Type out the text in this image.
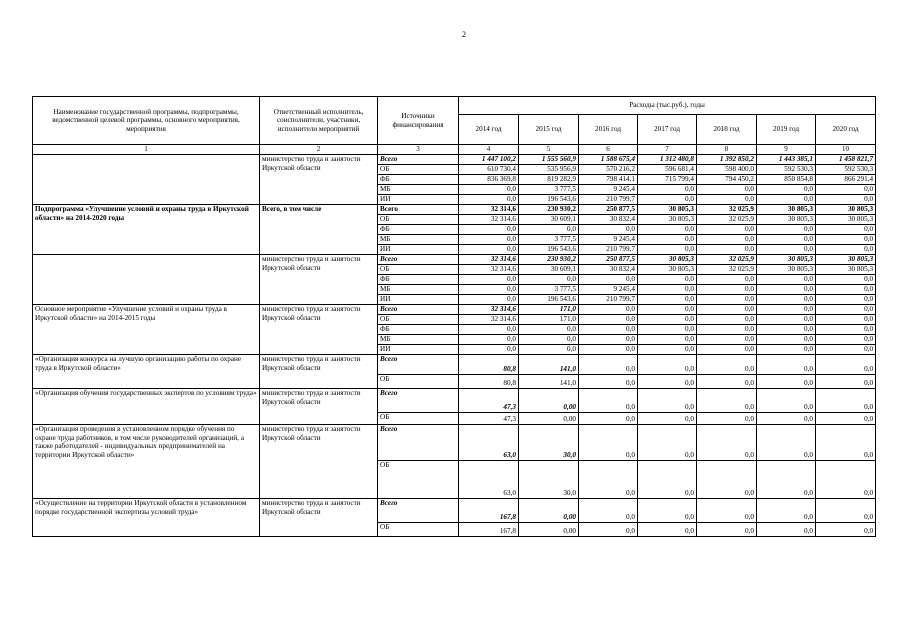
2
Наименование государственной программы, подпрограммы, ведомственной целевой программы, основного мероприятия, мероприятия	Ответственный исполнитель, соисполнители, участники, исполнители мероприятий	Источники финансирования	Расходы (тыс.руб.), годы						
			2014 год	2015 год	2016 год	2017 год	2018 год	2019 год	2020 год
1	2	3	4	5	6	7	8	9	10
	министерство труда и занятости Иркутской области	Всего	1 447 100,2	1 555 560,9	1 588 675,4	1 312 480,8	1 392 850,2	1 443 385,1	1 458 821,7
		ОБ	610 730,4	535 956,9	570 216,2	596 681,4	598 400,0	592 530,3	592 530,3
		ФБ	836 369,8	819 282,9	798 414,1	715 799,4	794 450,2	850 854,8	866 291,4
		МБ	0,0	3 777,5	9 245,4	0,0	0,0	0,0	0,0
		ИИ	0,0	196 543,6	210 799,7	0,0	0,0	0,0	0,0
Подпрограмма «Улучшение условий и охраны труда в Иркутской области» на 2014-2020 годы	Всего, в том числе	Всего	32 314,6	230 930,2	250 877,5	30 805,3	32 025,9	30 805,3	30 805,3
		ОБ	32 314,6	30 609,1	30 832,4	30 805,3	32 025,9	30 805,3	30 805,3
		ФБ	0,0	0,0	0,0	0,0	0,0	0,0	0,0
		МБ	0,0	3 777,5	9 245,4	0,0	0,0	0,0	0,0
		ИИ	0,0	196 543,6	210 799,7	0,0	0,0	0,0	0,0
	министерство труда и занятости Иркутской области	Всего	32 314,6	230 930,2	250 877,5	30 805,3	32 025,9	30 805,3	30 805,3
		ОБ	32 314,6	30 609,1	30 832,4	30 805,3	32 025,9	30 805,3	30 805,3
		ФБ	0,0	0,0	0,0	0,0	0,0	0,0	0,0
		МБ	0,0	3 777,5	9 245,4	0,0	0,0	0,0	0,0
		ИИ	0,0	196 543,6	210 799,7	0,0	0,0	0,0	0,0
Основное мероприятие «Улучшение условий и охраны труда в Иркутской области» на 2014-2015 годы	министерство труда и занятости Иркутской области	Всего	32 314,6	171,0	0,0	0,0	0,0	0,0	0,0
		ОБ	32 314,6	171,0	0,0	0,0	0,0	0,0	0,0
		ФБ	0,0	0,0	0,0	0,0	0,0	0,0	0,0
		МБ	0,0	0,0	0,0	0,0	0,0	0,0	0,0
		ИИ	0,0	0,0	0,0	0,0	0,0	0,0	0,0
«Организация конкурса на лучшую организацию работы по охране труда в Иркутской области»	министерство труда и занятости Иркутской области	Всего	80,8	141,0	0,0	0,0	0,0	0,0	0,0
		ОБ	80,8	141,0	0,0	0,0	0,0	0,0	0,0
«Организация обучения государственных экспертов по условиям труда»	министерство труда и занятости Иркутской области	Всего	47,3	0,00	0,0	0,0	0,0	0,0	0,0
		ОБ	47,3	0,00	0,0	0,0	0,0	0,0	0,0
«Организация проведения в установленном порядке обучения по охране труда работников, в том числе руководителей организаций, а также работодателей - индивидуальных предпринимателей на территории Иркутской области»	министерство труда и занятости Иркутской области	Всего	63,0	30,0	0,0	0,0	0,0	0,0	0,0
		ОБ	63,0	30,0	0,0	0,0	0,0	0,0	0,0
«Осуществление на территории Иркутской области в установленном порядке государственной экспертизы условий труда»	министерство труда и занятости Иркутской области	Всего	167,8	0,00	0,0	0,0	0,0	0,0	0,0
		ОБ	167,8	0,00	0,0	0,0	0,0	0,0	0,0
